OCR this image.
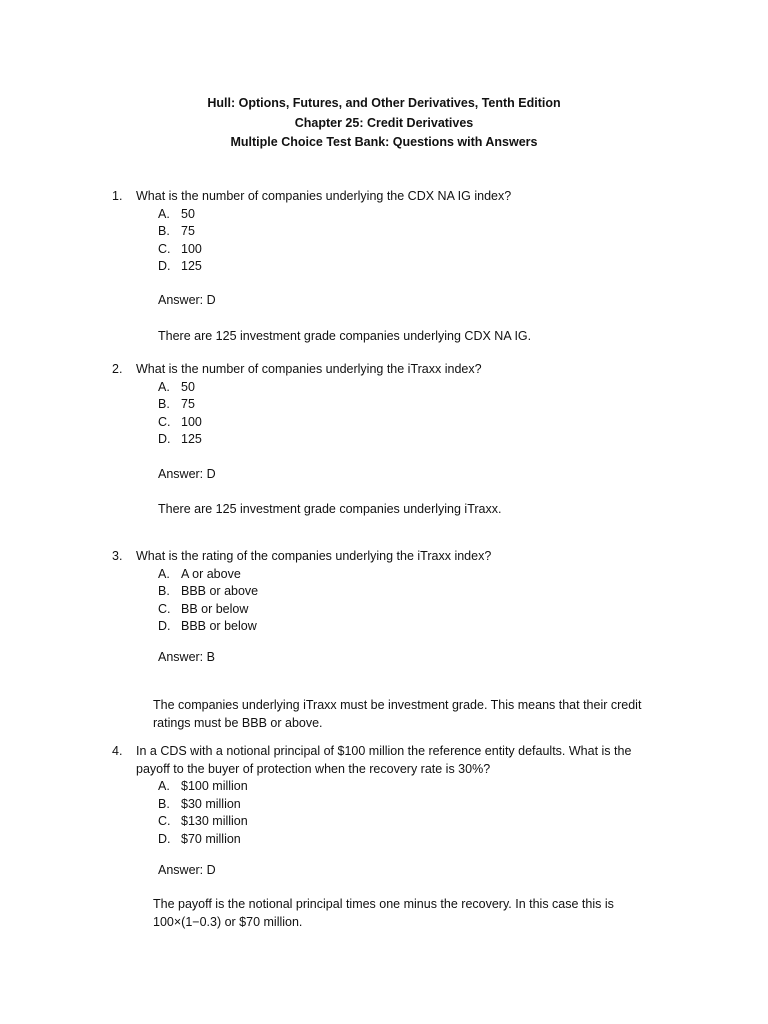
Hull: Options, Futures, and Other Derivatives, Tenth Edition
Chapter 25: Credit Derivatives
Multiple Choice Test Bank: Questions with Answers
1.	What is the number of companies underlying the CDX NA IG index?
A. 50
B. 75
C. 100
D. 125
Answer: D
There are 125 investment grade companies underlying CDX NA IG.
2.	What is the number of companies underlying the iTraxx index?
A. 50
B. 75
C. 100
D. 125
Answer: D
There are 125 investment grade companies underlying iTraxx.
3.	What is the rating of the companies underlying the iTraxx index?
A. A or above
B. BBB or above
C. BB or below
D. BBB or below
Answer: B
The companies underlying iTraxx must be investment grade. This means that their credit
ratings must be BBB or above.
4.	In a CDS with a notional principal of $100 million the reference entity defaults. What is the
payoff to the buyer of protection when the recovery rate is 30%?
A. $100 million
B. $30 million
C. $130 million
D. $70 million
Answer: D
The payoff is the notional principal times one minus the recovery. In this case this is
100×(1−0.3) or $70 million.
